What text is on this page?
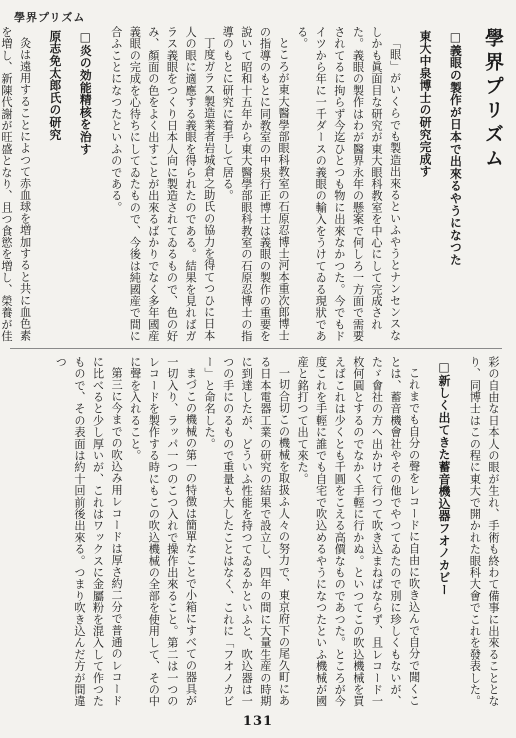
學界プリズム

學界プリズム

□義眼の製作が日本で出來るやうになつた

東大中泉博士の研究完成す

「眼」がいくらでも製造出來るといふやうとナンセンスなしかも眞面目な研究が東大眼科教室を中心にして完成された。義眼の製作はわが醫界永年の懸案で何しろ一方面で需要されてるに拘らず今迄ひとつも物に出來なかつた。今でもドイツから年に一千ダースの義眼の輸入をうけてゐる現狀である。

ところが東大醫學部眼科教室の石原忍博士河本重次郎博士の指導のもとに同教室の中泉行正博士は義眼の製作の重要を說いて昭和十五年から東大醫學部眼科教室の石原忍博士の指導のもとに研究に着手して居る。

丁度ガラス製造業者岩城倉之助氏の協力を得てつひに日本人の眼に適應する義眼を得られたのである。結果を見ればガラス義眼をつくり日本人向に製造されてゐるもので、色の好み、顏面の色をよく出すことが出來るばかりでなく多年國産義眼の完成を心待ちにしてゐたもので、今後は純國産で間に合ふことになつたといふのである。

□炎の効能精核を治す

原志免太郎氏の研究

灸は遠用することによつて赤血球を増加すると共に血色素を増し、新陳代謝が旺盛となり、且つ食慾を増し、榮養が佳

彩の自由な日本人の眼が生れ、手術も終わて備事に出來ることとなり、同博士はこの程に東大で開かれた眼科大會でこれを發表した。

□新しく出てきた蓄音機込器フオノカビー

これまでも自分の聲をレコードに自由に吹き込んで自分で聞くことは、蓄音機會社やその他でやつてゐたので別に珍しくもないが、たゞ會社の方へ出かけて行つて吹き込まねばならず、且レコード一枚何圓とするのでなかく手輕に行かぬ。といつてこの吹込機械を買えばこれは少くとも千圓をこえる高價なものであつた。ところが今度これを手輕に誰でも自宅で吹込めるやうになつたといふ機械が國産と銘打つて出て來た。

一切合切この機械を取扱ふ人々の努力で、東京府下の尾久町にある日本電器工業の研究の結果で設立し、四年の間に大量生産の時期に到達したが、どういふ性能を持つてゐるかといふと、吹込器は一つの手にのるもので重量も大したことはなく、これに「フオノカビー」と命名した。

まづこの機械の第一の特徴は簡單なことで小箱にすべての器具が一切入り、ラッパ一つのこつ入れで操作出來ること。第二は一つのレコードを製作する時にもこの吹込機械の全部を使用して、その中に聲を入れること。

第三に今までの吹込み用レコードは厚さ約二分で普通のレコードに比べると少し厚いが、これはワックスに金屬粉を混入して作つたもので、その表面は約十回前後出來る。つまり吹き込んだ方が間違つ

131
